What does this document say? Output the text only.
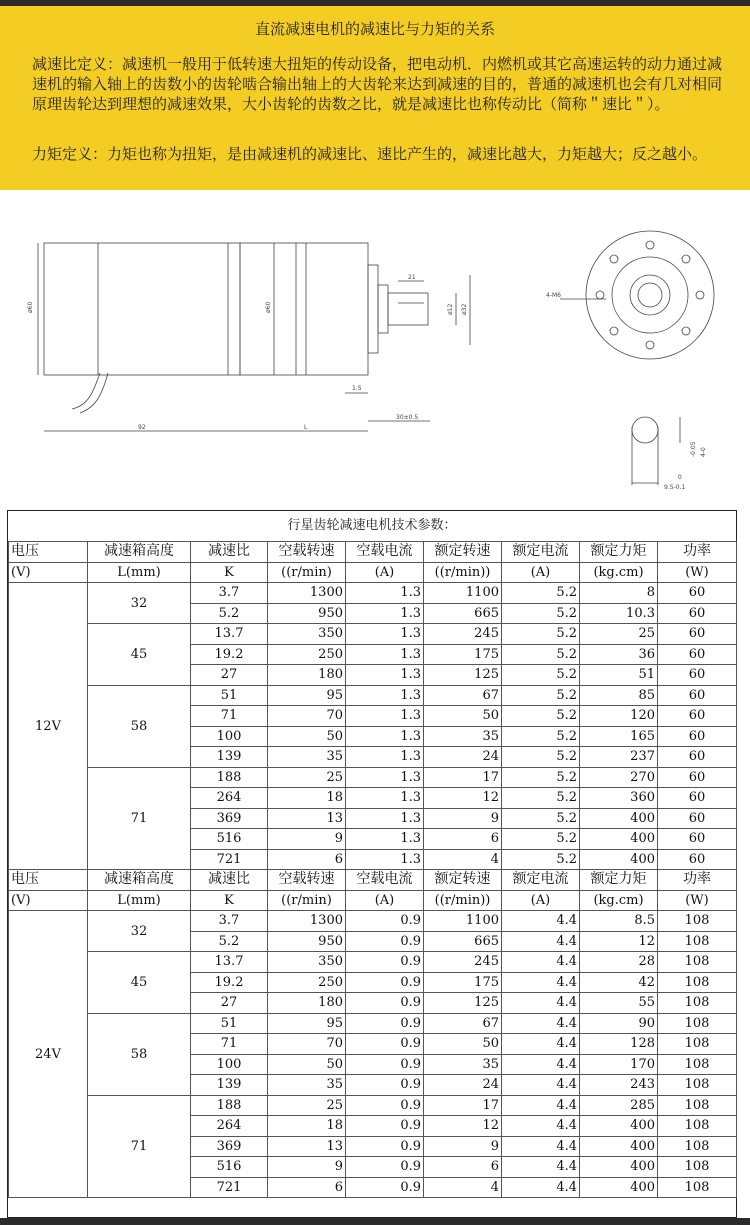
直流减速电机的减速比与力矩的关系
减速比定义：减速机一般用于低转速大扭矩的传动设备，把电动机．内燃机或其它高速运转的动力通过减速机的输入轴上的齿数小的齿轮啮合输出轴上的大齿轮来达到减速的目的，普通的减速机也会有几对相同原理齿轮达到理想的减速效果，大小齿轮的齿数之比，就是减速比也称传动比（简称＂速比＂）。
力矩定义：力矩也称为扭矩，是由减速机的减速比、速比产生的，减速比越大，力矩越大；反之越小。
ø60	ø60
21
ø12 ø32
1.5
92	L
30±0.5
4-M6
4-0
-0.05
0
9.5-0.1
行星齿轮减速电机技术参数：
电压	减速箱高度	减速比	空载转速	空载电流	额定转速	额定电流	额定力矩	功率
(V)	L(mm)	K	((r/min)	(A)	((r/min))	(A)	(kg.cm)	(W)
12V	32	3.7	1300	1.3	1100	5.2	8	60
		5.2	950	1.3	665	5.2	10.3	60
	45	13.7	350	1.3	245	5.2	25	60
		19.2	250	1.3	175	5.2	36	60
		27	180	1.3	125	5.2	51	60
	58	51	95	1.3	67	5.2	85	60
		71	70	1.3	50	5.2	120	60
		100	50	1.3	35	5.2	165	60
		139	35	1.3	24	5.2	237	60
	71	188	25	1.3	17	5.2	270	60
		264	18	1.3	12	5.2	360	60
		369	13	1.3	9	5.2	400	60
		516	9	1.3	6	5.2	400	60
		721	6	1.3	4	5.2	400	60
电压	减速箱高度	减速比	空载转速	空载电流	额定转速	额定电流	额定力矩	功率
(V)	L(mm)	K	((r/min)	(A)	((r/min))	(A)	(kg.cm)	(W)
24V	32	3.7	1300	0.9	1100	4.4	8.5	108
		5.2	950	0.9	665	4.4	12	108
	45	13.7	350	0.9	245	4.4	28	108
		19.2	250	0.9	175	4.4	42	108
		27	180	0.9	125	4.4	55	108
	58	51	95	0.9	67	4.4	90	108
		71	70	0.9	50	4.4	128	108
		100	50	0.9	35	4.4	170	108
		139	35	0.9	24	4.4	243	108
	71	188	25	0.9	17	4.4	285	108
		264	18	0.9	12	4.4	400	108
		369	13	0.9	9	4.4	400	108
		516	9	0.9	6	4.4	400	108
		721	6	0.9	4	4.4	400	108
